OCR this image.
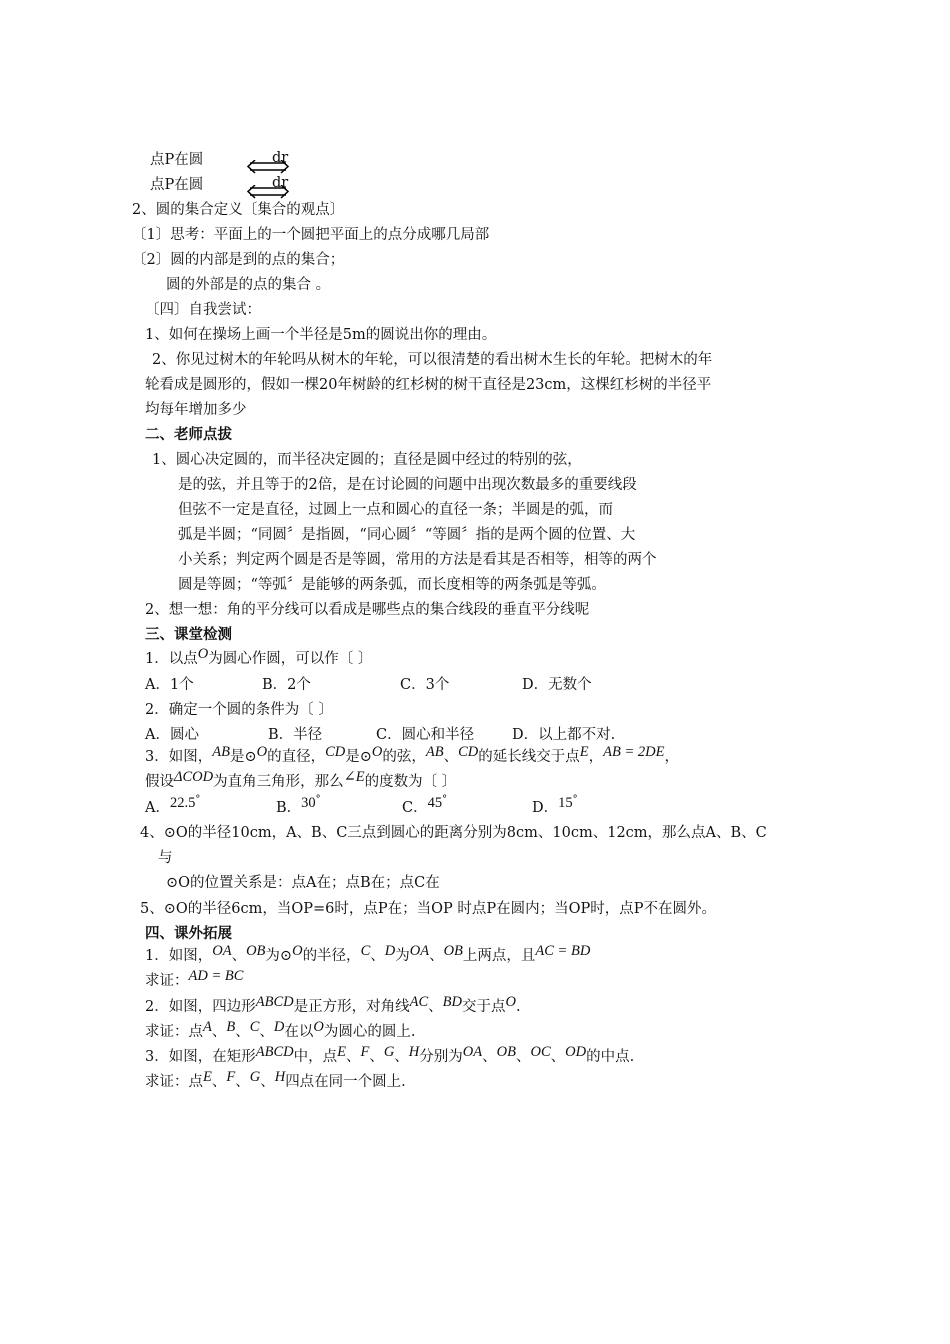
点P在圆	dr
点P在圆	dr
2、圆的集合定义〔集合的观点〕
〔1〕思考：平面上的一个圆把平面上的点分成哪几局部
〔2〕圆的内部是到的点的集合；
圆的外部是的点的集合 。
〔四〕自我尝试：
1、如何在操场上画一个半径是5m的圆说出你的理由。
2、你见过树木的年轮吗从树木的年轮，可以很清楚的看出树木生长的年轮。把树木的年
轮看成是圆形的，假如一棵20年树龄的红杉树的树干直径是23cm，这棵红杉树的半径平
均每年增加多少
二、老师点拔
1、圆心决定圆的，而半径决定圆的；直径是圆中经过的特别的弦，
是的弦，并且等于的2倍，是在讨论圆的问题中出现次数最多的重要线段
但弦不一定是直径，过圆上一点和圆心的直径一条；半圆是的弧，而
弧是半圆；“同圆〞是指圆，“同心圆〞“等圆〞指的是两个圆的位置、大
小关系；判定两个圆是否是等圆，常用的方法是看其是否相等，相等的两个
圆是等圆；“等弧〞是能够的两条弧，而长度相等的两条弧是等弧。
2、想一想：角的平分线可以看成是哪些点的集合线段的垂直平分线呢
三、课堂检测
1．以点O为圆心作圆，可以作〔 〕
A．1个	B．2个	C．3个	D．无数个
2．确定一个圆的条件为〔 〕
A．圆心	B．半径	C．圆心和半径	D．以上都不对.
3．如图，AB是⊙O的直径，CD是⊙O的弦，AB、CD的延长线交于点E，AB = 2DE，
假设ΔCOD为直角三角形，那么∠E的度数为〔 〕
A．22.5°
B．30°
C．45°
D．15°
4、⊙O的半径10cm，A、B、C三点到圆心的距离分别为8cm、10cm、12cm，那么点A、B、C
与
⊙O的位置关系是：点A在；点B在；点C在
5、⊙O的半径6cm，当OP=6时，点P在；当OP 时点P在圆内；当OP时，点P不在圆外。
四、课外拓展
1．如图，OA、OB为⊙O的半径，C、D为OA、OB上两点，且AC = BD
求证：AD = BC
2．如图，四边形ABCD是正方形，对角线AC、BD交于点O.
求证：点A、B、C、D在以O为圆心的圆上.
3．如图，在矩形ABCD中，点E、F、G、H分别为OA、OB、OC、OD的中点.
求证：点E、F、G、H四点在同一个圆上.
